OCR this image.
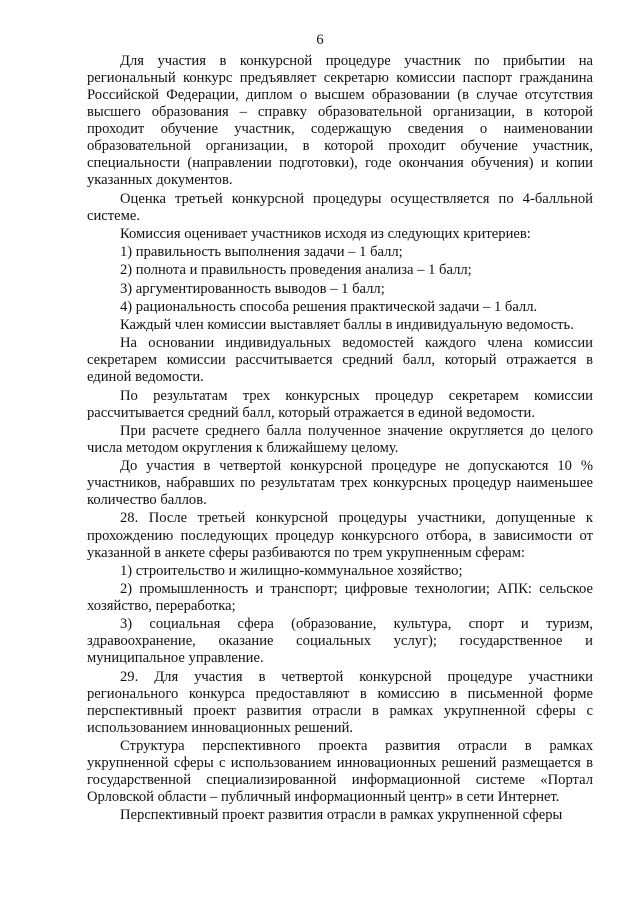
6

Для участия в конкурсной процедуре участник по прибытии на региональный конкурс предъявляет секретарю комиссии паспорт гражданина Российской Федерации, диплом о высшем образовании (в случае отсутствия высшего образования – справку образовательной организации, в которой проходит обучение участник, содержащую сведения о наименовании образовательной организации, в которой проходит обучение участник, специальности (направлении подготовки), годе окончания обучения) и копии указанных документов.

Оценка третьей конкурсной процедуры осуществляется по 4-балльной системе.

Комиссия оценивает участников исходя из следующих критериев:

1) правильность выполнения задачи – 1 балл;

2) полнота и правильность проведения анализа – 1 балл;

3) аргументированность выводов – 1 балл;

4) рациональность способа решения практической задачи – 1 балл.

Каждый член комиссии выставляет баллы в индивидуальную ведомость.

На основании индивидуальных ведомостей каждого члена комиссии секретарем комиссии рассчитывается средний балл, который отражается в единой ведомости.

По результатам трех конкурсных процедур секретарем комиссии рассчитывается средний балл, который отражается в единой ведомости.

При расчете среднего балла полученное значение округляется до целого числа методом округления к ближайшему целому.

До участия в четвертой конкурсной процедуре не допускаются 10 % участников, набравших по результатам трех конкурсных процедур наименьшее количество баллов.

28. После третьей конкурсной процедуры участники, допущенные к прохождению последующих процедур конкурсного отбора, в зависимости от указанной в анкете сферы разбиваются по трем укрупненным сферам:

1) строительство и жилищно-коммунальное хозяйство;

2) промышленность и транспорт; цифровые технологии; АПК: сельское хозяйство, переработка;

3) социальная сфера (образование, культура, спорт и туризм, здравоохранение, оказание социальных услуг); государственное и муниципальное управление.

29. Для участия в четвертой конкурсной процедуре участники регионального конкурса предоставляют в комиссию в письменной форме перспективный проект развития отрасли в рамках укрупненной сферы с использованием инновационных решений.

Структура перспективного проекта развития отрасли в рамках укрупненной сферы с использованием инновационных решений размещается в государственной специализированной информационной системе «Портал Орловской области – публичный информационный центр» в сети Интернет.

Перспективный проект развития отрасли в рамках укрупненной сферы
